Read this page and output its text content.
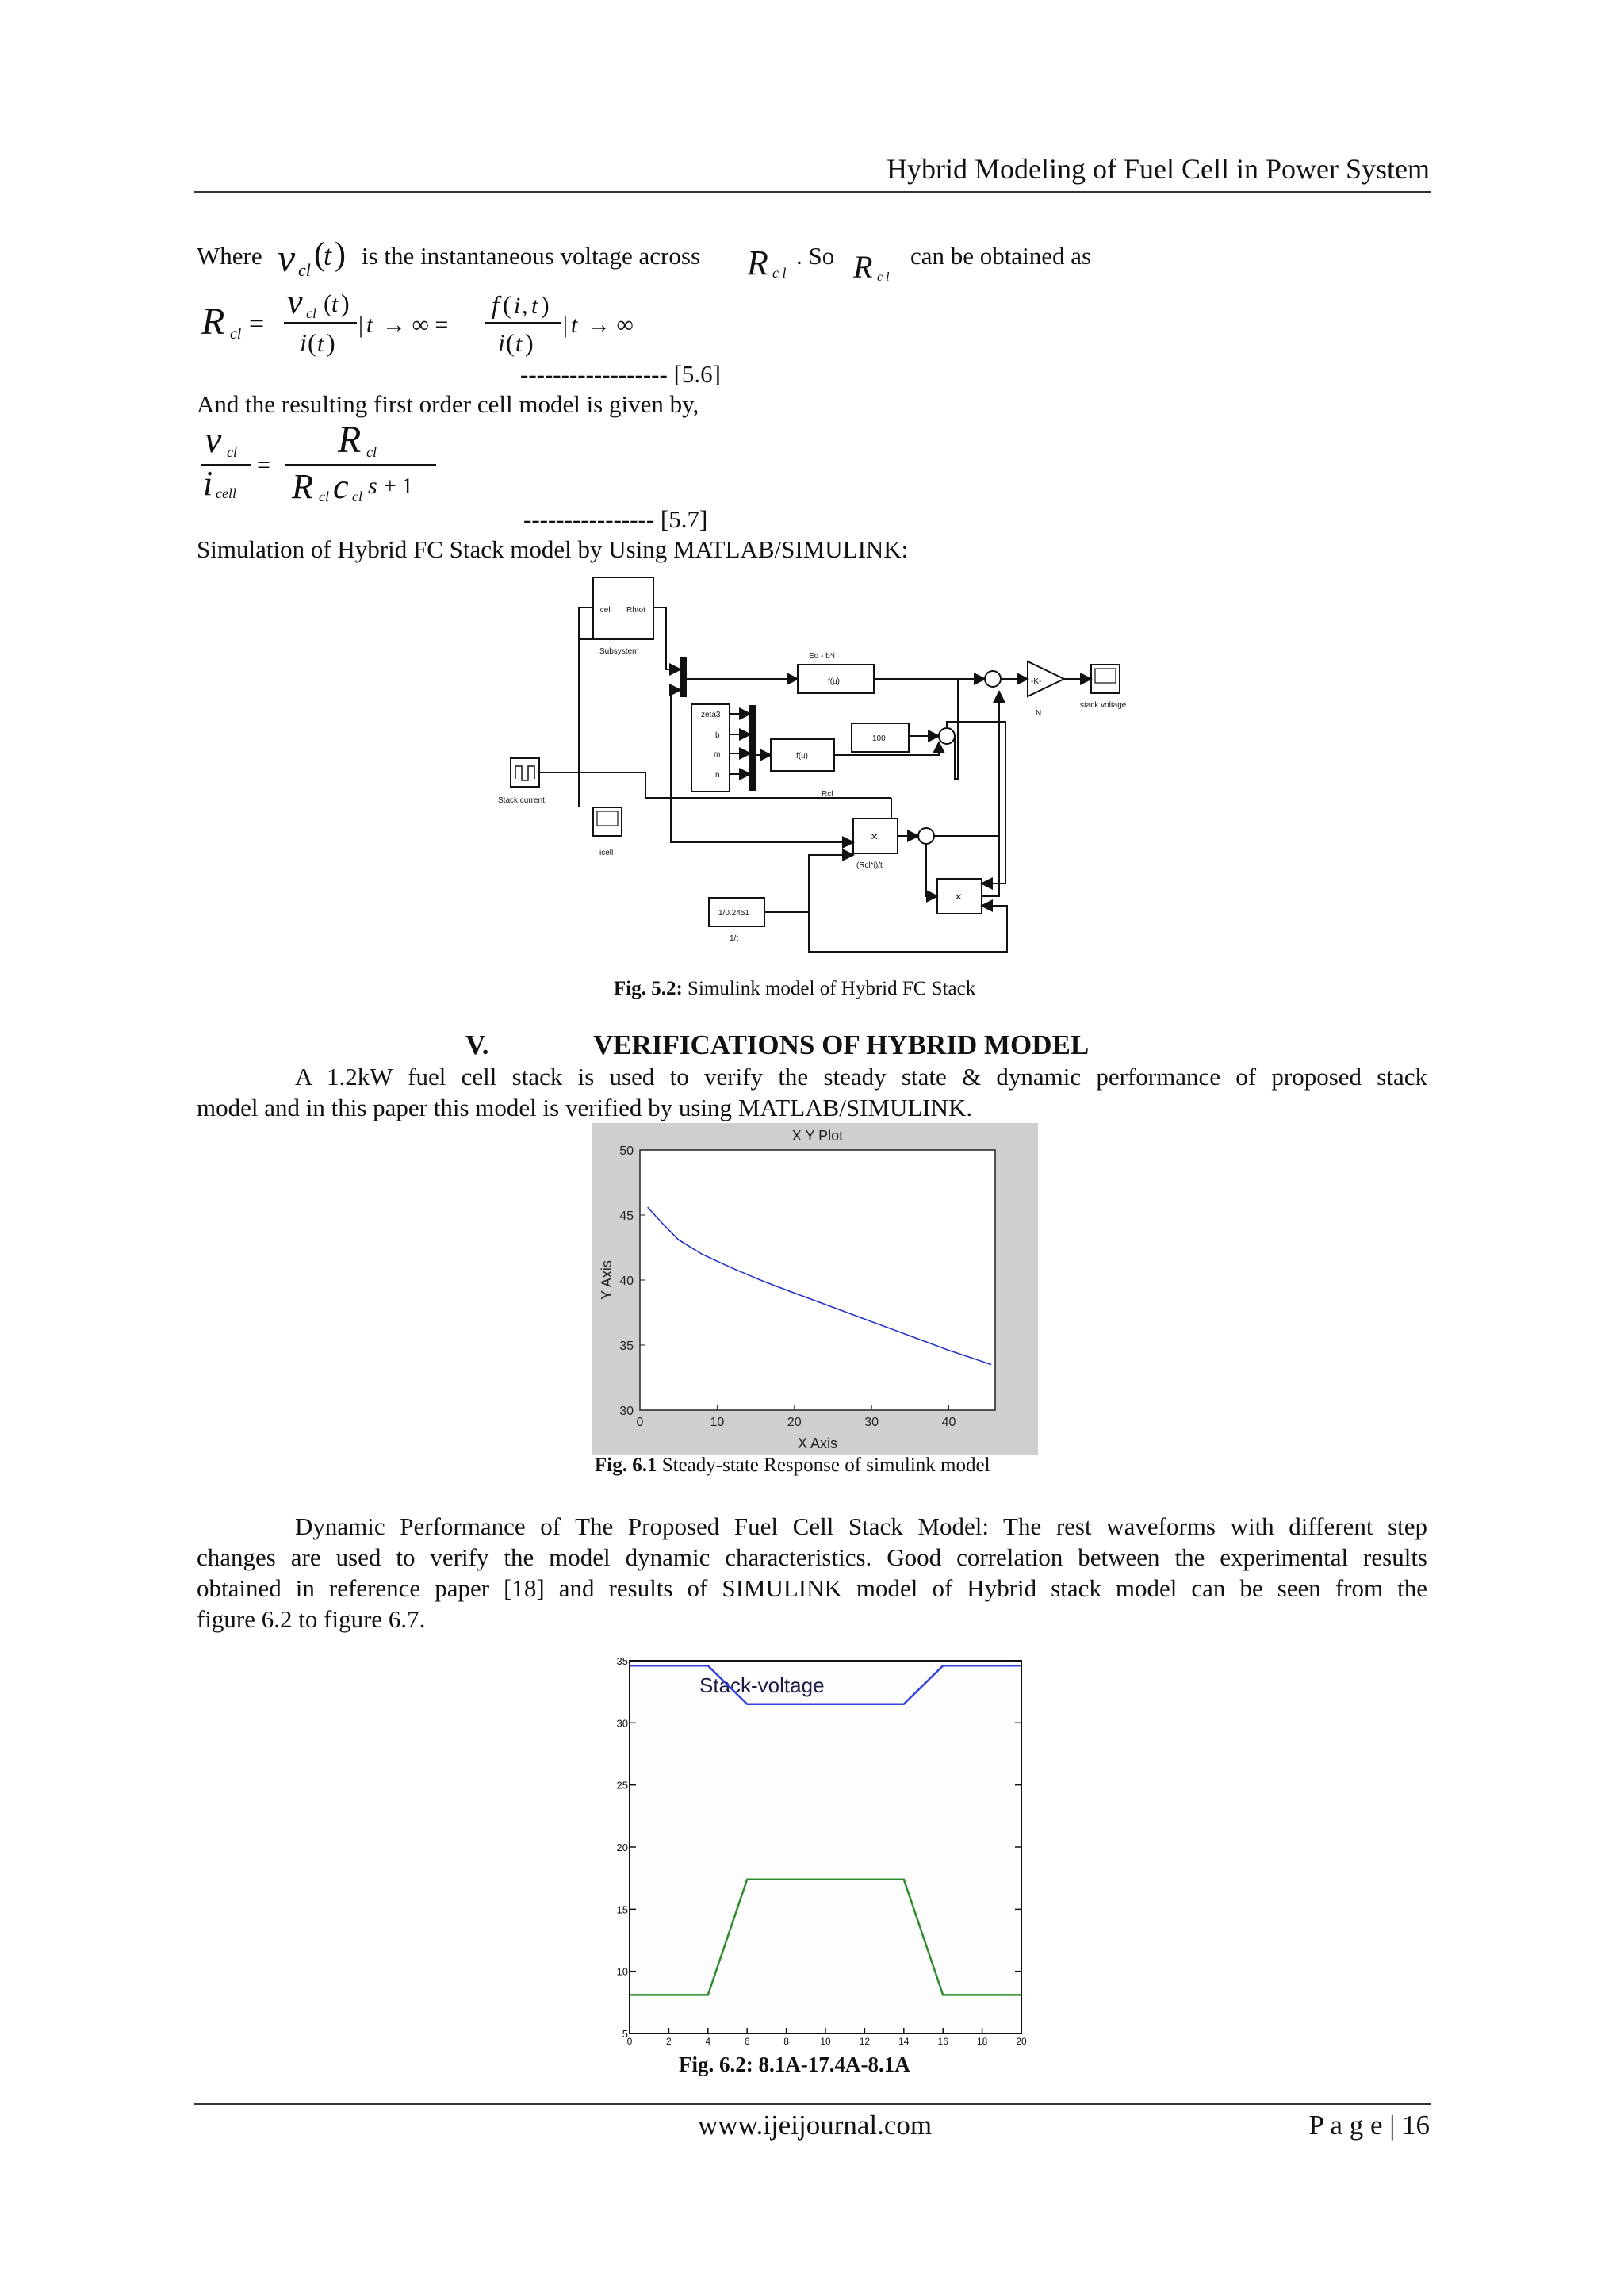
Hybrid Modeling of Fuel Cell in Power System
Where v cl (
t ) is the instantaneous voltage across R c l
. So R c l
can be obtained as
R cl =
v cl ( t )
i ( t )
| t → ∞ =
f ( i , t )
i ( t )
| t → ∞
------------------ [5.6]
And the resulting first order cell model is given by,
v cl
i cell
=
R cl
R cl c cl s + 1
---------------- [5.7]
Simulation of Hybrid FC Stack model by Using MATLAB/SIMULINK:
Icell Rhtot
Subsystem
Stack current
icell
Eo - b*i
f(u)
f(u)
Rcl
-K-
N
stack voltage
zeta3
b
m
n
100
×
(Rcl*i)/t
×
1/0.2451
1/t
Fig. 5.2: Simulink model of Hybrid FC Stack
V.	VERIFICATIONS OF HYBRID MODEL
A 1.2kW fuel cell stack is used to verify the steady state & dynamic performance of proposed stack
model and in this paper this model is verified by using MATLAB/SIMULINK.
X Y Plot
X Axis
Y Axis
0	10	20	30	40
30
35
40
45
50
Fig. 6.1 Steady-state Response of simulink model
Dynamic Performance of The Proposed Fuel Cell Stack Model: The rest waveforms with different step
changes are used to verify the model dynamic characteristics. Good correlation between the experimental results
obtained in reference paper [18] and results of SIMULINK model of Hybrid stack model can be seen from the
figure 6.2 to figure 6.7.
Stack-voltage
0	2	4	6	8	10	12	14	16	18	20
5
10
15
20
25
30
35
Fig. 6.2: 8.1A-17.4A-8.1A
www.ijeijournal.com	P a g e | 16
